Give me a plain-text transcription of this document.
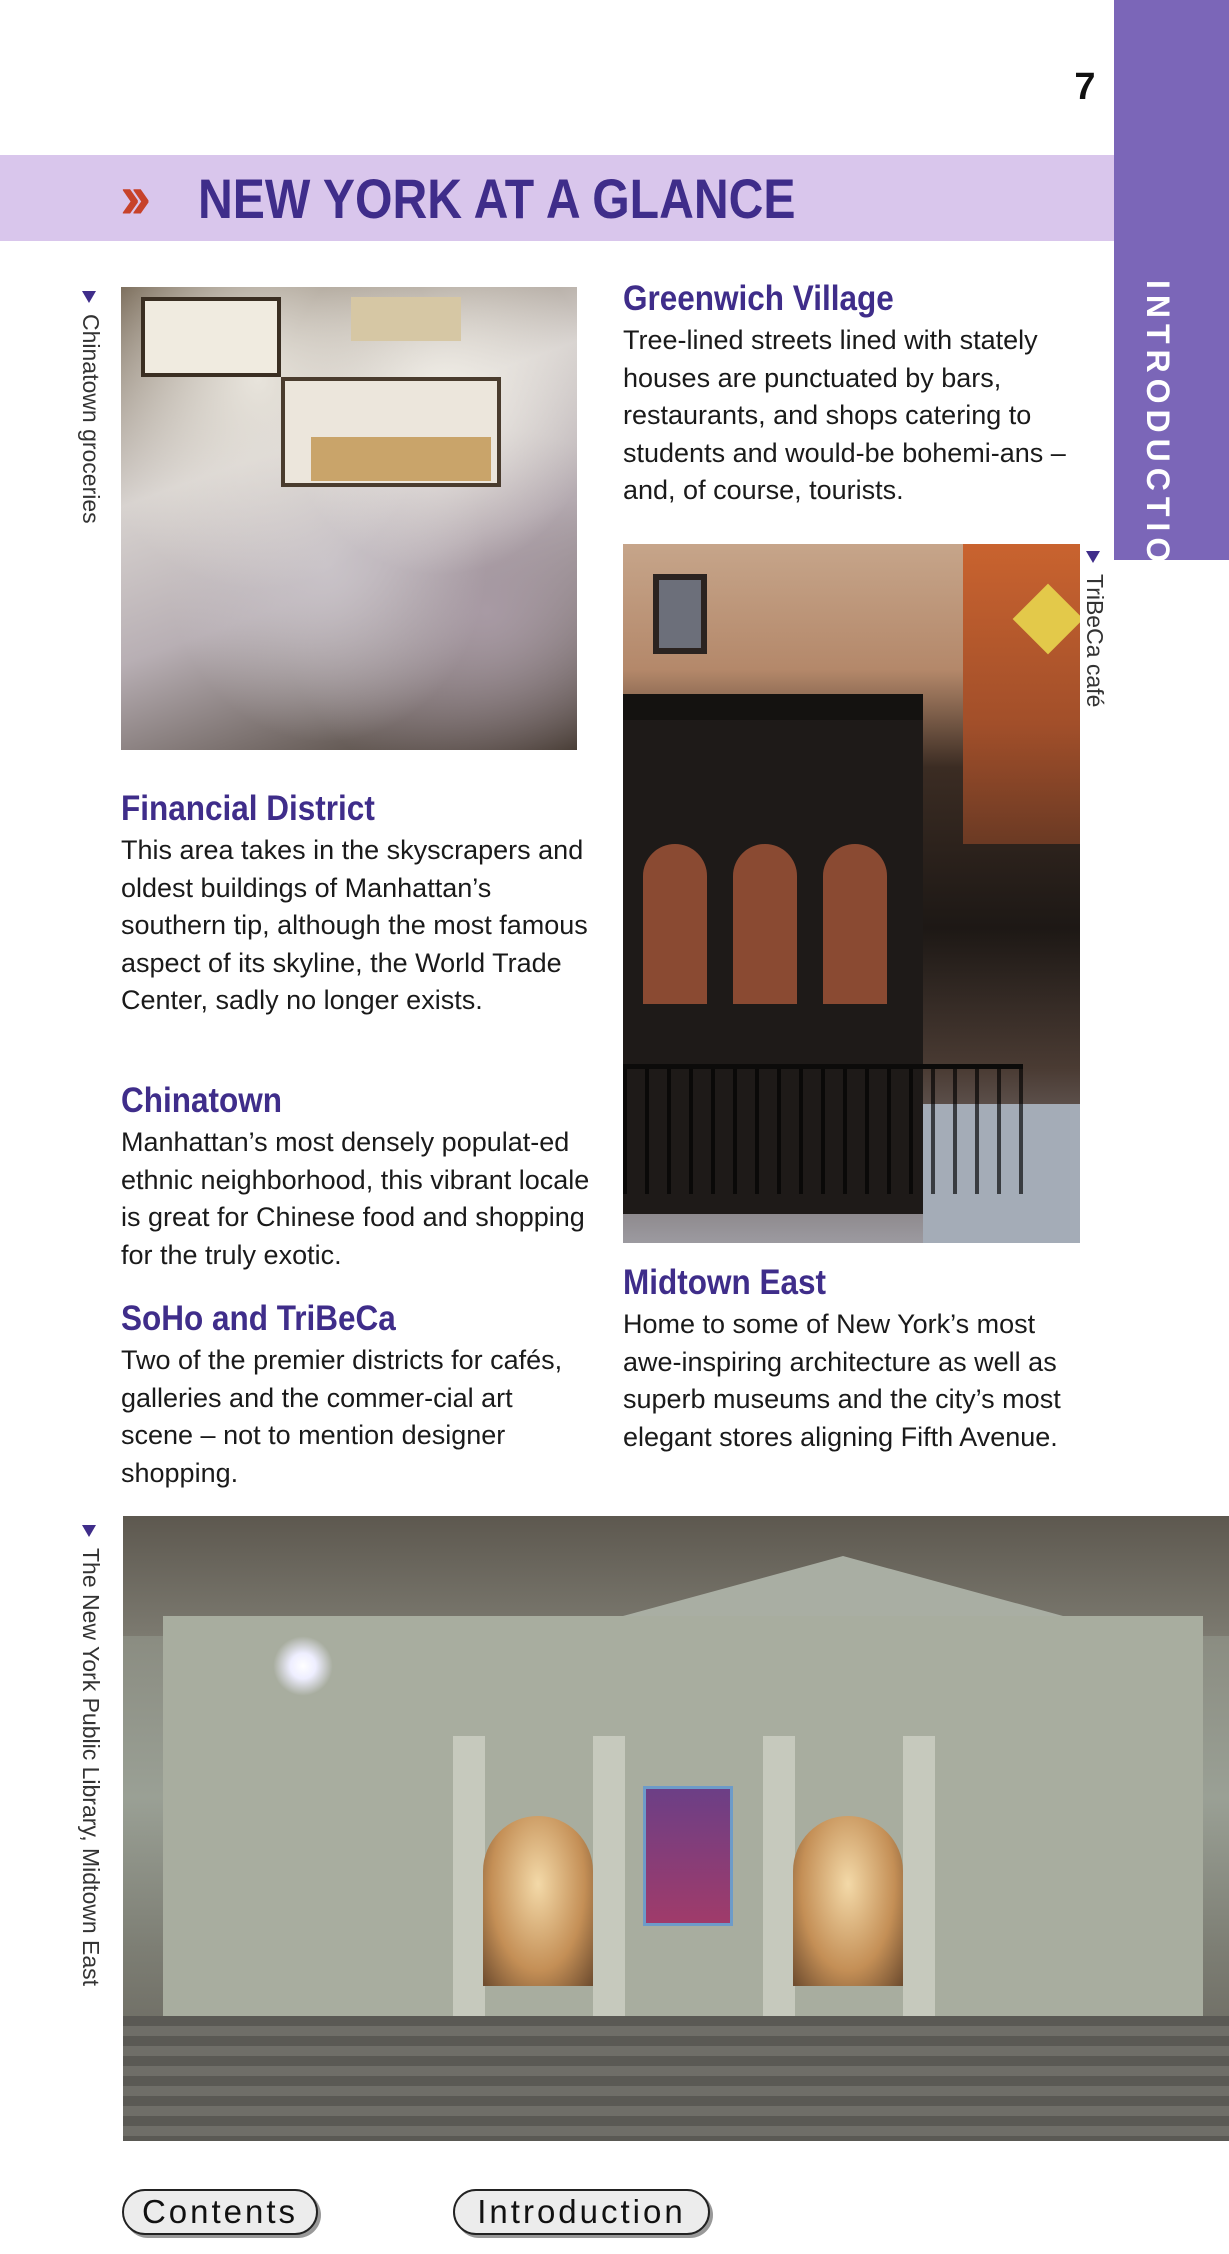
7
INTRODUCTION
›› NEW YORK AT A GLANCE
Chinatown groceries
Greenwich Village
Tree-lined streets lined with stately houses are punctuated by bars, restaurants, and shops catering to students and would-be bohemi-ans – and, of course, tourists.
TriBeCa café
Financial District
This area takes in the skyscrapers and oldest buildings of Manhattan’s southern tip, although the most famous aspect of its skyline, the World Trade Center, sadly no longer exists.
Chinatown
Manhattan’s most densely populat-ed ethnic neighborhood, this vibrant locale is great for Chinese food and shopping for the truly exotic.
SoHo and TriBeCa
Two of the premier districts for cafés, galleries and the commer-cial art scene – not to mention designer shopping.
Midtown East
Home to some of New York’s most awe-inspiring architecture as well as superb museums and the city’s most elegant stores aligning Fifth Avenue.
The New York Public Library, Midtown East
Contents	Introduction
